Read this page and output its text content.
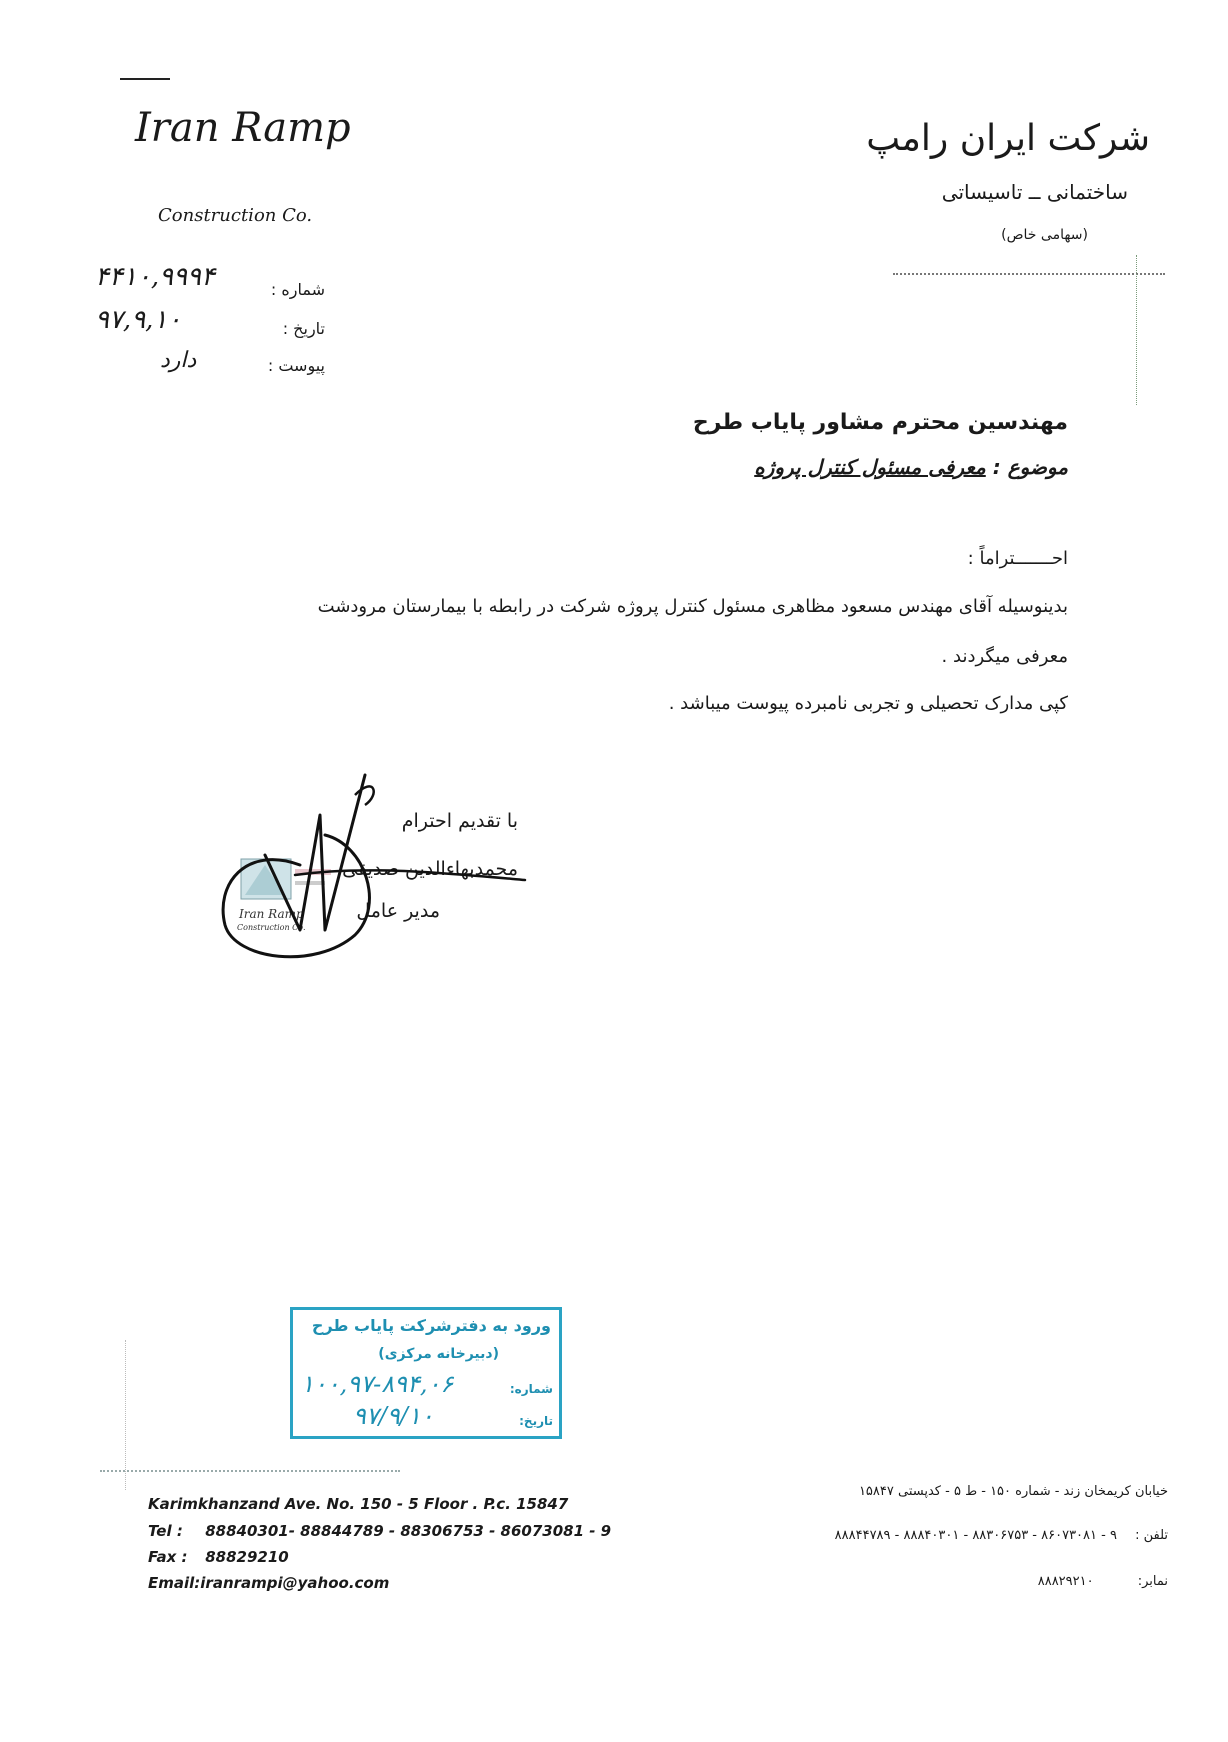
Iran Ramp
Construction Co.
۴۴۱۰,۹۹۹۴	شماره :
۹۷,۹,۱۰	تاریخ :
دارد	پیوست :
شرکت ایران رامپ
ساختمانی ــ تاسیساتی
(سهامی خاص)
مهندسین محترم مشاور پایاب طرح
موضوع : معرفی مسئول کنترل پروژه
احـــــــتراماً :
بدینوسیله آقای مهندس مسعود مظاهری مسئول کنترل پروژه شرکت در رابطه با بیمارستان مرودشت
معرفی میگردند .
کپی مدارک تحصیلی و تجربی نامبرده پیوست میباشد .
با تقدیم احترام
محمدبهاءالدین صدیقی
مدیر عامل
Iran Ramp
Construction Co.
ورود به دفترشرکت پایاب طرح
(دبیرخانه مرکزی)
شماره:
۱۰۰,۹۷-۸۹۴,۰۶
تاریخ:
۹۷/۹/۱۰
Karimkhanzand Ave. No. 150 - 5 Floor . P.c. 15847
Tel : 88840301- 88844789 - 88306753 - 86073081 - 9
Fax : 88829210
Email:iranrampi@yahoo.com
خیابان کریمخان زند - شماره ۱۵۰ - ط ۵ - کدپستی ۱۵۸۴۷
تلفن : ۹ - ۸۶۰۷۳۰۸۱ - ۸۸۳۰۶۷۵۳ - ۸۸۸۴۰۳۰۱ - ۸۸۸۴۴۷۸۹
نمابر: ۸۸۸۲۹۲۱۰
